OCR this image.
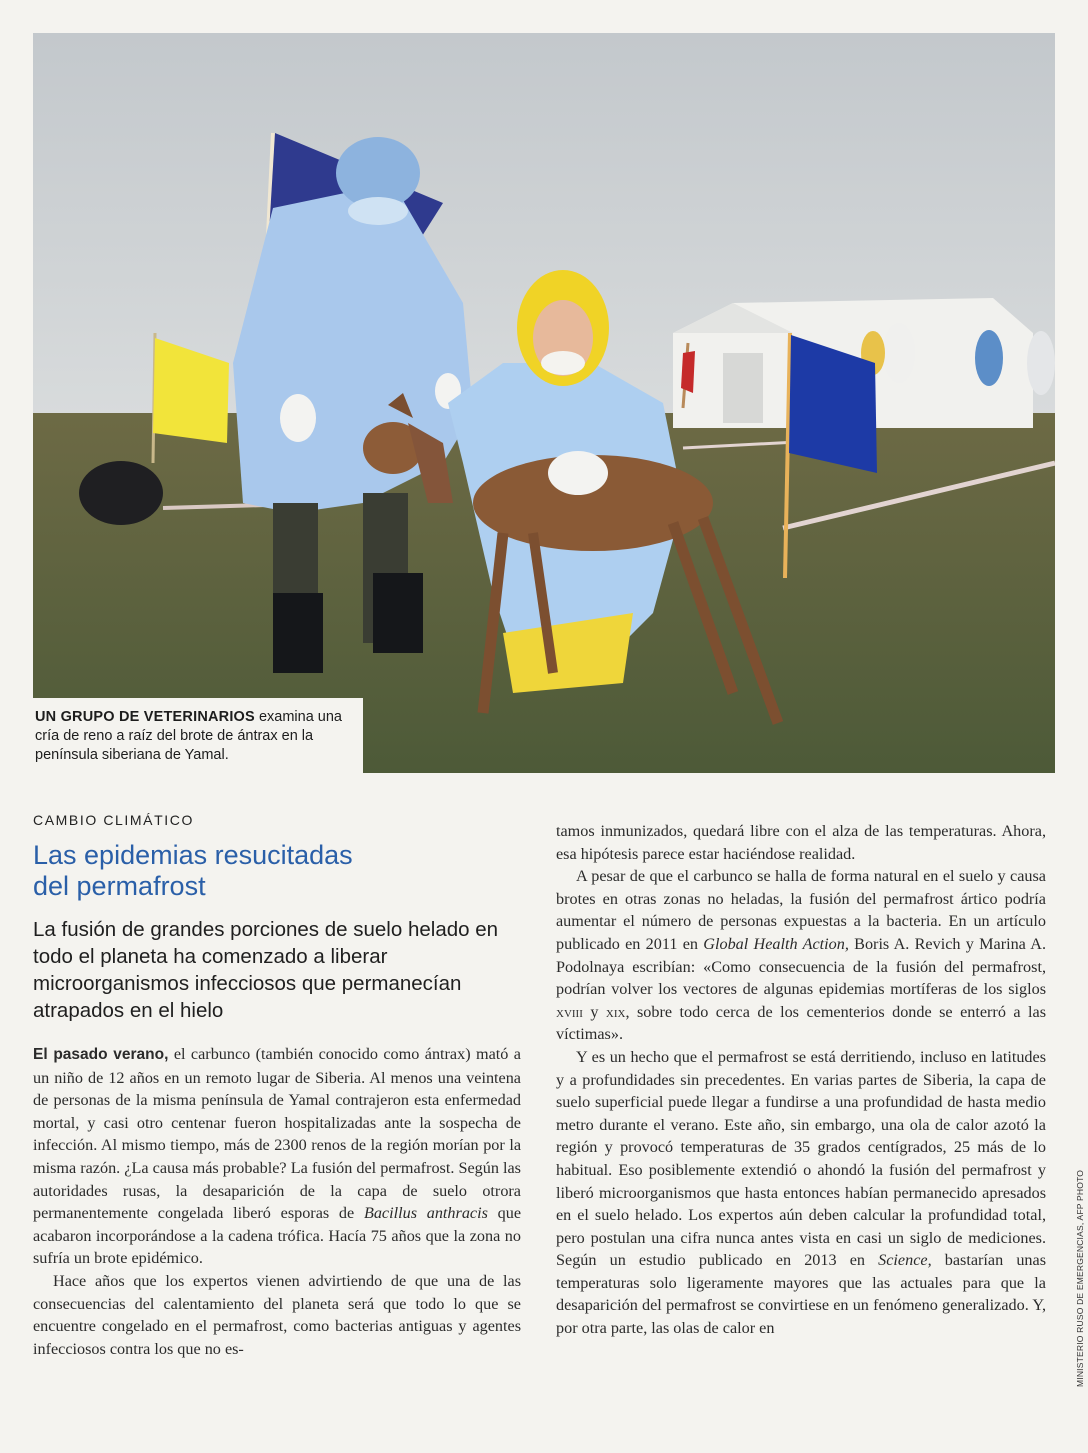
UN GRUPO DE VETERINARIOS examina una cría de reno a raíz del brote de ántrax en la península siberiana de Yamal.
MINISTERIO RUSO DE EMERGENCIAS, AFP PHOTO
CAMBIO CLIMÁTICO
Las epidemias resucitadas del permafrost
La fusión de grandes porciones de suelo helado en todo el planeta ha comenzado a liberar microorganismos infecciosos que permanecían atrapados en el hielo

El pasado verano, el carbunco (también conocido como ántrax) mató a un niño de 12 años en un remoto lugar de Siberia. Al menos una veintena de personas de la misma península de Yamal contrajeron esta enfermedad mortal, y casi otro centenar fueron hospitalizadas ante la sospecha de infección. Al mismo tiempo, más de 2300 renos de la región morían por la misma razón. ¿La causa más probable? La fusión del permafrost. Según las autoridades rusas, la desaparición de la capa de suelo otrora permanentemente congelada liberó esporas de Bacillus anthracis que acabaron incorporándose a la cadena trófica. Hacía 75 años que la zona no sufría un brote epidémico.

Hace años que los expertos vienen advirtiendo de que una de las consecuencias del calentamiento del planeta será que todo lo que se encuentre congelado en el permafrost, como bacterias antiguas y agentes infecciosos contra los que no es-

tamos inmunizados, quedará libre con el alza de las temperaturas. Ahora, esa hipótesis parece estar haciéndose realidad.

A pesar de que el carbunco se halla de forma natural en el suelo y causa brotes en otras zonas no heladas, la fusión del permafrost ártico podría aumentar el número de personas expuestas a la bacteria. En un artículo publicado en 2011 en Global Health Action, Boris A. Revich y Marina A. Podolnaya escribían: «Como consecuencia de la fusión del permafrost, podrían volver los vectores de algunas epidemias mortíferas de los siglos xviii y xix, sobre todo cerca de los cementerios donde se enterró a las víctimas».

Y es un hecho que el permafrost se está derritiendo, incluso en latitudes y a profundidades sin precedentes. En varias partes de Siberia, la capa de suelo superficial puede llegar a fundirse a una profundidad de hasta medio metro durante el verano. Este año, sin embargo, una ola de calor azotó la región y provocó temperaturas de 35 grados centígrados, 25 más de lo habitual. Eso posiblemente extendió o ahondó la fusión del permafrost y liberó microorganismos que hasta entonces habían permanecido apresados en el suelo helado. Los expertos aún deben calcular la profundidad total, pero postulan una cifra nunca antes vista en casi un siglo de mediciones. Según un estudio publicado en 2013 en Science, bastarían unas temperaturas solo ligeramente mayores que las actuales para que la desaparición del permafrost se convirtiese en un fenómeno generalizado. Y, por otra parte, las olas de calor en
